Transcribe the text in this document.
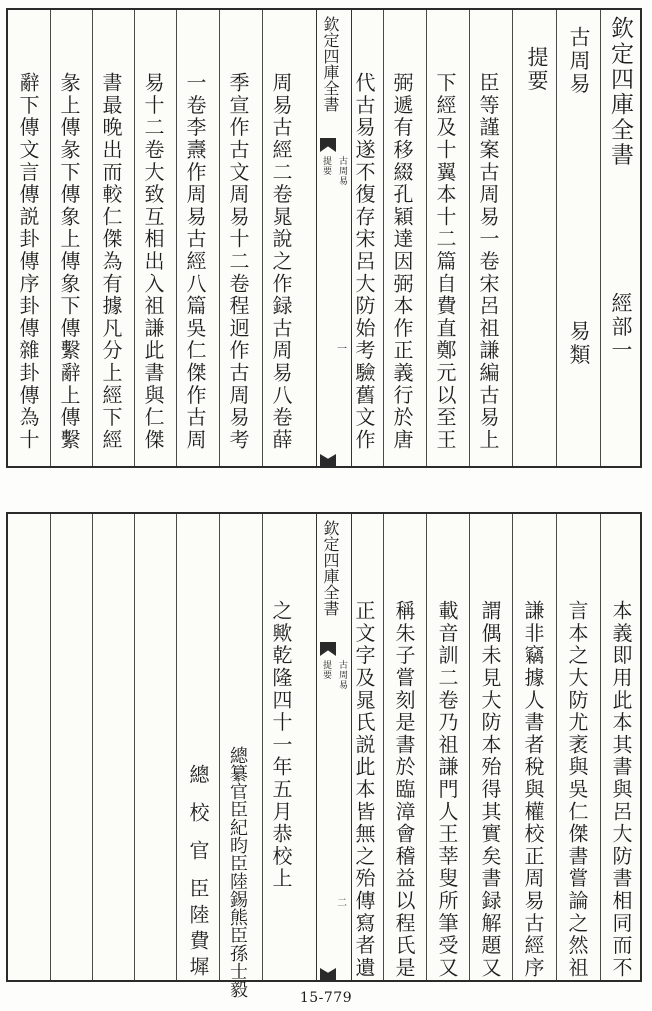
欽定四庫全書
經部一
古周易
易類
提要
臣等謹案古周易一卷宋呂祖謙編古易上
下經及十翼本十二篇自費直鄭元以至王
弼遞有移綴孔穎達因弼本作正義行於唐
代古易遂不復存宋呂大防始考驗舊文作
欽定四庫全書
古周易
提要
一
周易古經二卷晁說之作録古周易八卷薛
季宣作古文周易十二卷程迥作古周易考
一卷李燾作周易古經八篇吳仁傑作古周
易十二卷大致互相出入祖謙此書與仁傑
書最晚出而較仁傑為有據凡分上經下經
彖上傳彖下傳象上傳象下傳繫辭上傳繫
辭下傳文言傳説卦傳序卦傳雜卦傳為十
本義即用此本其書與呂大防書相同而不
言本之大防尤袤與吳仁傑書嘗論之然祖
謙非竊據人書者稅與權校正周易古經序
謂偶未見大防本殆得其實矣書録解題又
載音訓二卷乃祖謙門人王莘叟所筆受又
稱朱子嘗刻是書於臨漳會稽益以程氏是
正文字及晁氏説此本皆無之殆傳寫者遺
欽定四庫全書
古周易
提要
二
之歟乾隆四十一年五月恭校上
總纂官臣紀昀臣陸錫熊臣孫士毅
總校官
臣陸費墀
15-779
